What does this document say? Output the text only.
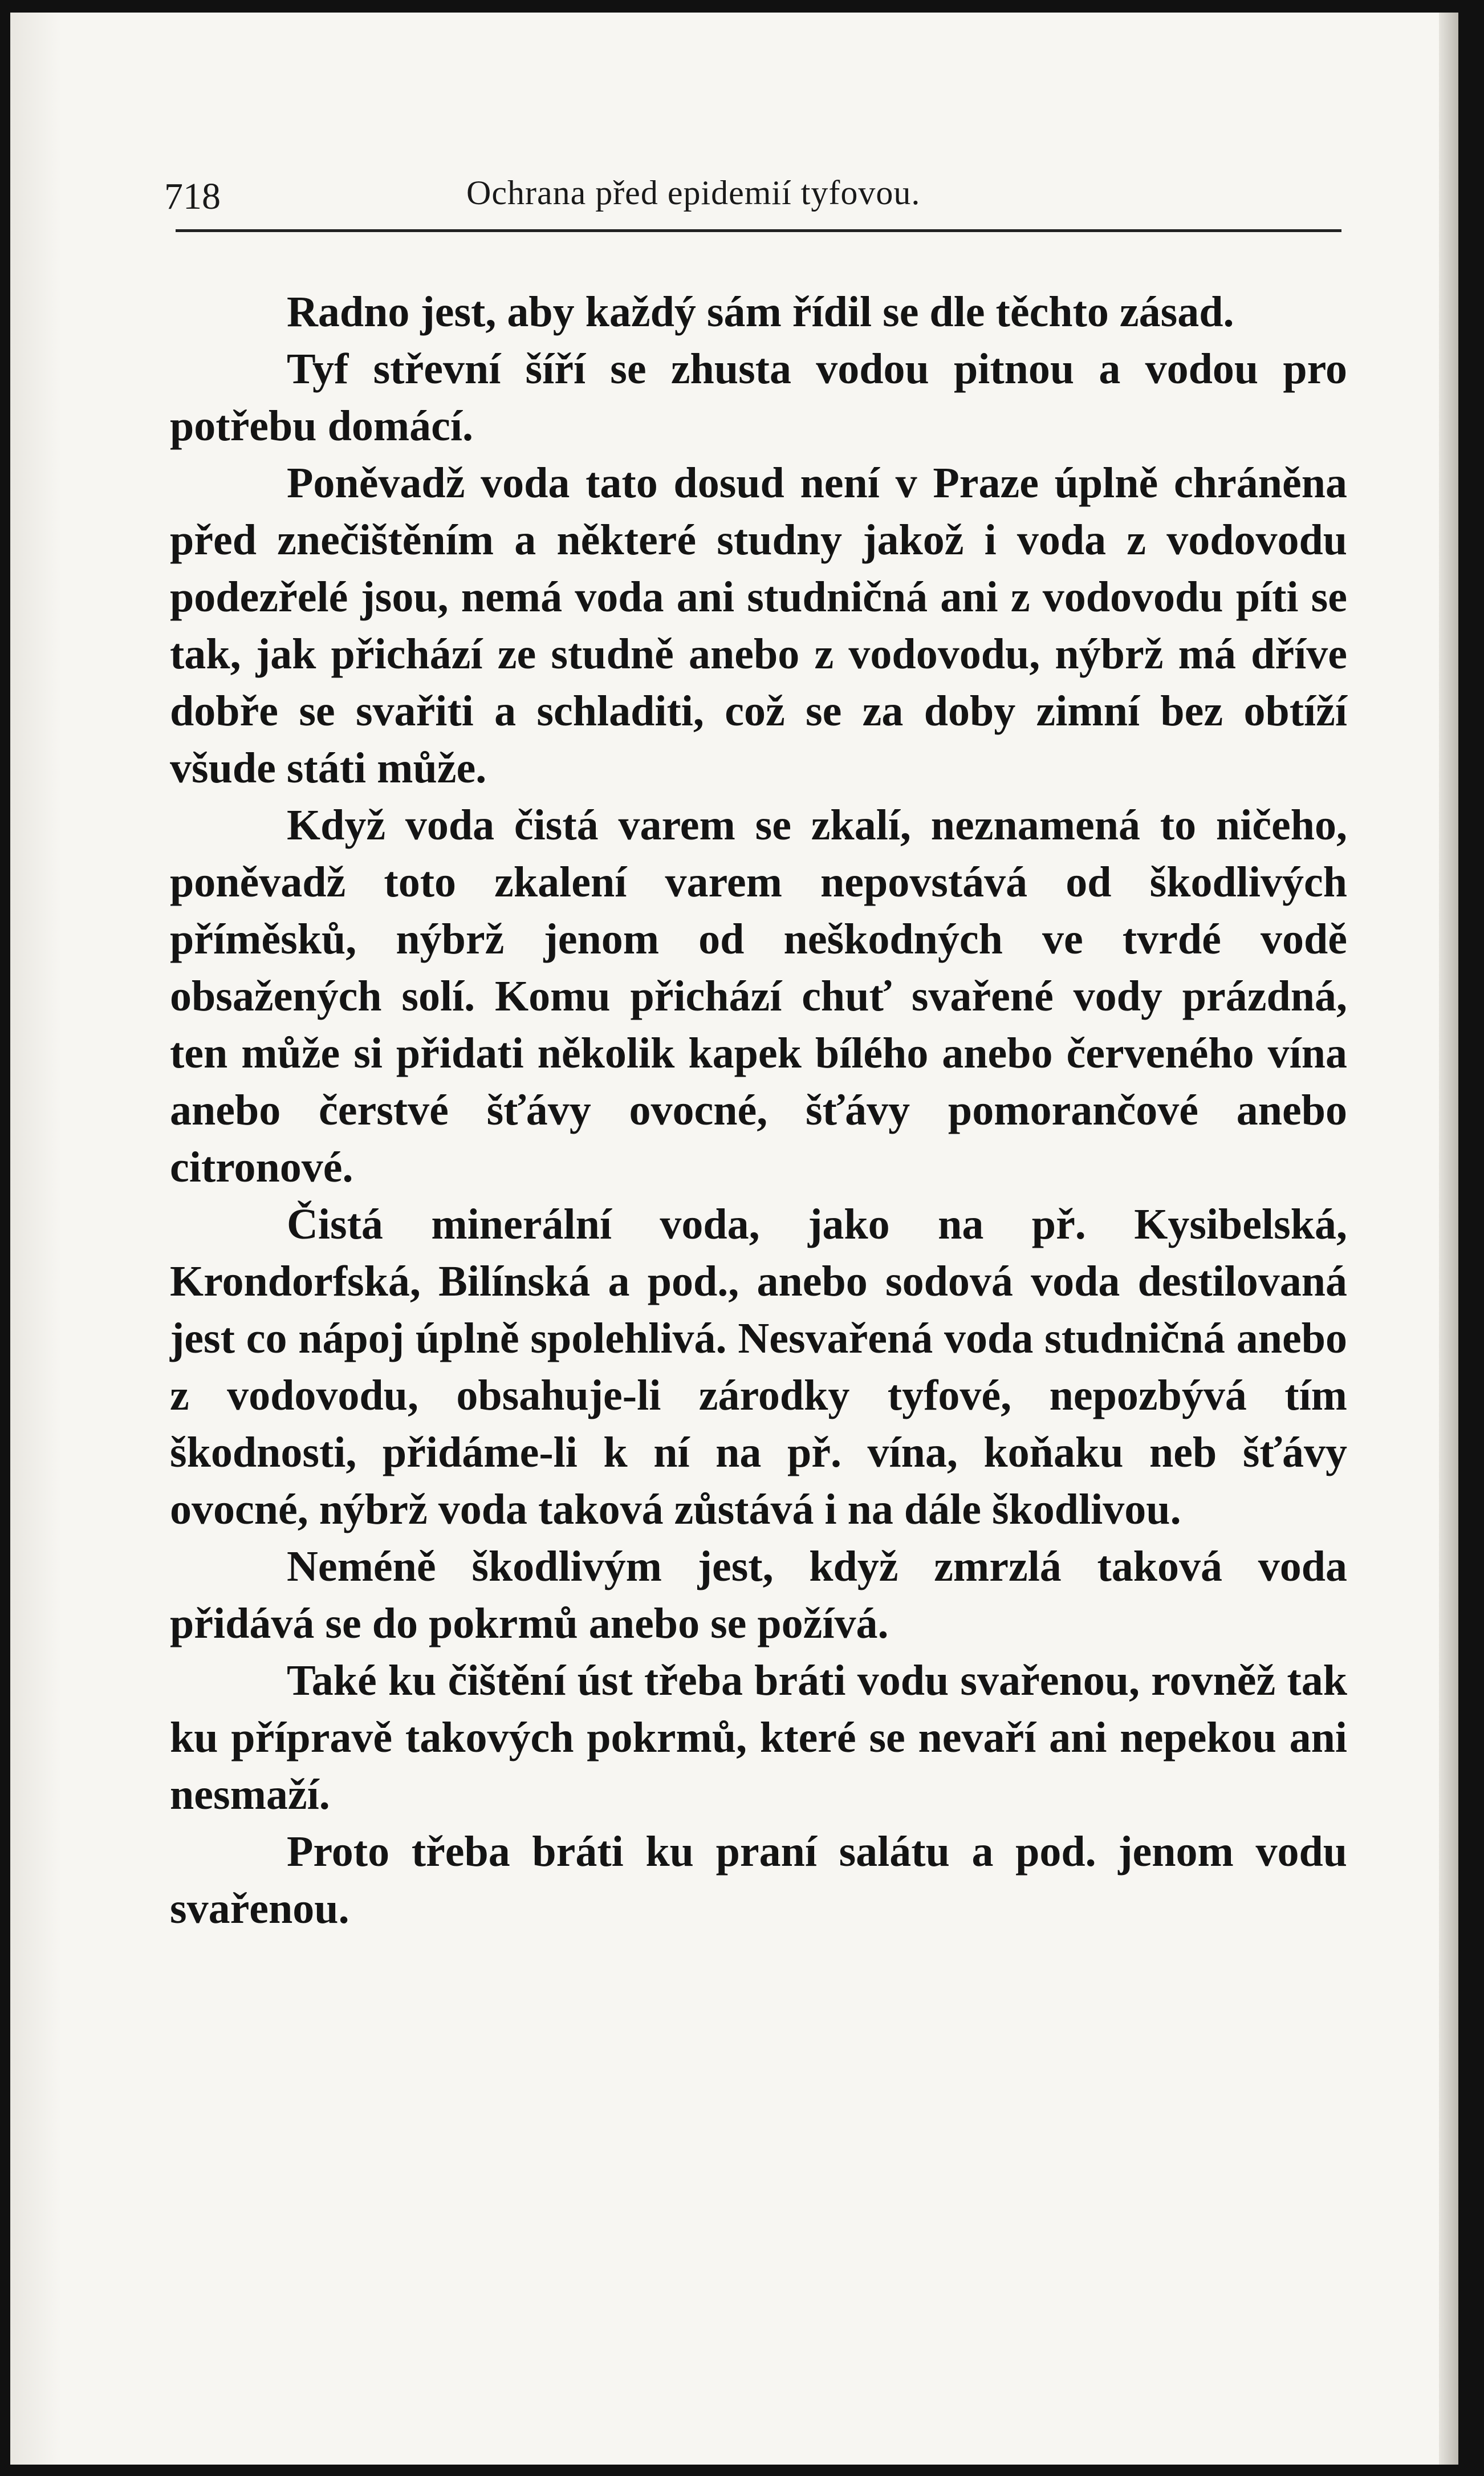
718	Ochrana před epidemií tyfovou.

Radno jest, aby každý sám řídil se dle těchto zásad.

Tyf střevní šíří se zhusta vodou pitnou a vodou pro potřebu domácí.

Poněvadž voda tato dosud není v Praze úplně chráněna před znečištěním a některé studny jakož i voda z vodovodu podezřelé jsou, nemá voda ani studničná ani z vodovodu píti se tak, jak přichází ze studně anebo z vodovodu, nýbrž má dříve dobře se svařiti a schladiti, což se za doby zimní bez obtíží všude státi může.

Když voda čistá varem se zkalí, neznamená to ničeho, poněvadž toto zkalení varem nepovstává od škodlivých příměsků, nýbrž jenom od neškodných ve tvrdé vodě obsažených solí. Komu přichází chuť svařené vody prázdná, ten může si přidati několik kapek bílého anebo červeného vína anebo čerstvé šťávy ovocné, šťávy pomorančové anebo citronové.

Čistá minerální voda, jako na př. Kysibelská, Krondorfská, Bilínská a pod., anebo sodová voda destilovaná jest co nápoj úplně spolehlivá. Nesvařená voda studničná anebo z vodovodu, obsahuje-li zárodky tyfové, nepozbývá tím škodnosti, přidáme-li k ní na př. vína, koňaku neb šťávy ovocné, nýbrž voda taková zůstává i na dále škodlivou.

Neméně škodlivým jest, když zmrzlá taková voda přidává se do pokrmů anebo se požívá.

Také ku čištění úst třeba bráti vodu svařenou, rovněž tak ku přípravě takových pokrmů, které se nevaří ani nepekou ani nesmaží.

Proto třeba bráti ku praní salátu a pod. jenom vodu svařenou.
